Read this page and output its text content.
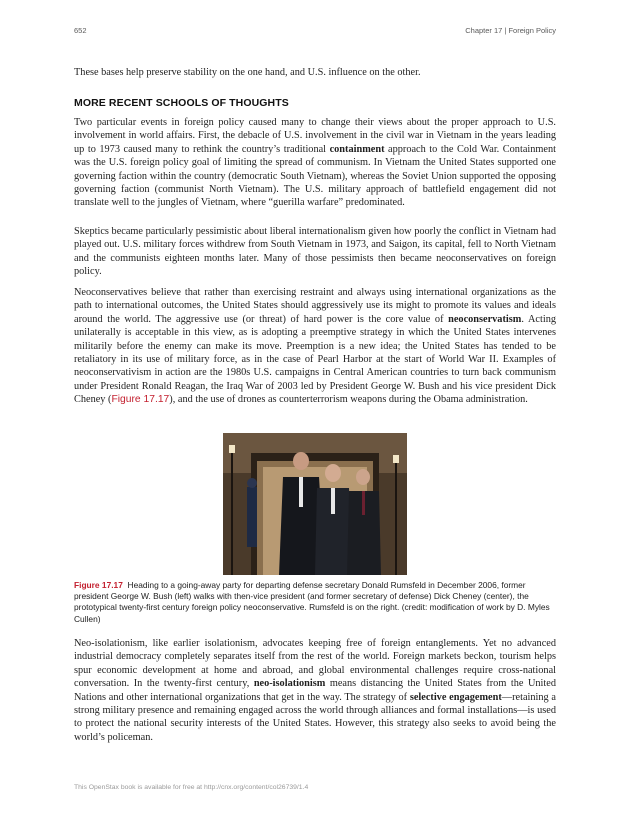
652	Chapter 17 | Foreign Policy

These bases help preserve stability on the one hand, and U.S. influence on the other.

MORE RECENT SCHOOLS OF THOUGHTS

Two particular events in foreign policy caused many to change their views about the proper approach to U.S. involvement in world affairs. First, the debacle of U.S. involvement in the civil war in Vietnam in the years leading up to 1973 caused many to rethink the country’s traditional containment approach to the Cold War. Containment was the U.S. foreign policy goal of limiting the spread of communism. In Vietnam the United States supported one governing faction within the country (democratic South Vietnam), whereas the Soviet Union supported the opposing governing faction (communist North Vietnam). The U.S. military approach of battlefield engagement did not translate well to the jungles of Vietnam, where “guerilla warfare” predominated.

Skeptics became particularly pessimistic about liberal internationalism given how poorly the conflict in Vietnam had played out. U.S. military forces withdrew from South Vietnam in 1973, and Saigon, its capital, fell to North Vietnam and the communists eighteen months later. Many of those pessimists then became neoconservatives on foreign policy.

Neoconservatives believe that rather than exercising restraint and always using international organizations as the path to international outcomes, the United States should aggressively use its might to promote its values and ideals around the world. The aggressive use (or threat) of hard power is the core value of neoconservatism. Acting unilaterally is acceptable in this view, as is adopting a preemptive strategy in which the United States intervenes militarily before the enemy can make its move. Preemption is a new idea; the United States has tended to be retaliatory in its use of military force, as in the case of Pearl Harbor at the start of World War II. Examples of neoconservativism in action are the 1980s U.S. campaigns in Central American countries to turn back communism under President Ronald Reagan, the Iraq War of 2003 led by President George W. Bush and his vice president Dick Cheney (Figure 17.17), and the use of drones as counterterrorism weapons during the Obama administration.

Figure 17.17 Heading to a going-away party for departing defense secretary Donald Rumsfeld in December 2006, former president George W. Bush (left) walks with then-vice president (and former secretary of defense) Dick Cheney (center), the prototypical twenty-first century foreign policy neoconservative. Rumsfeld is on the right. (credit: modification of work by D. Myles Cullen)

Neo-isolationism, like earlier isolationism, advocates keeping free of foreign entanglements. Yet no advanced industrial democracy completely separates itself from the rest of the world. Foreign markets beckon, tourism helps spur economic development at home and abroad, and global environmental challenges require cross-national conversation. In the twenty-first century, neo-isolationism means distancing the United States from the United Nations and other international organizations that get in the way. The strategy of selective engagement—retaining a strong military presence and remaining engaged across the world through alliances and formal installations—is used to protect the national security interests of the United States. However, this strategy also seeks to avoid being the world’s policeman.

This OpenStax book is available for free at http://cnx.org/content/col26739/1.4
